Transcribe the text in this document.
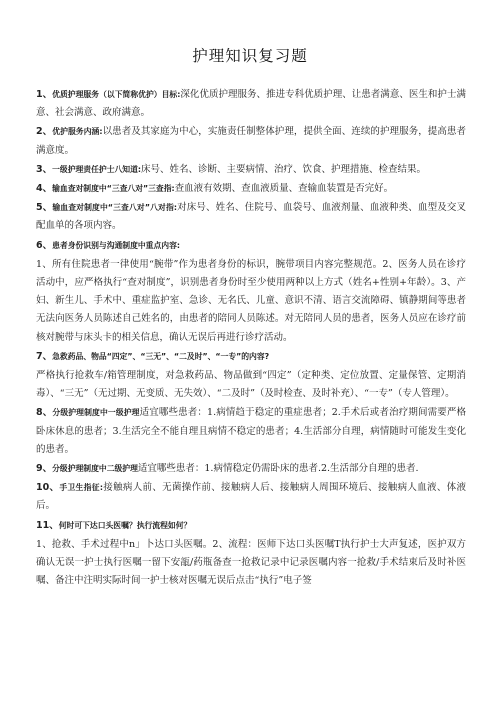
护理知识复习题
1、优质护理服务（以下简称优护）目标:深化优质护理服务、推进专科优质护理、让患者满意、医生和护士满意、社会满意、政府满意。
2、优护服务内涵:以患者及其家庭为中心，实施责任制整体护理，提供全面、连续的护理服务，提高患者满意度。
3、一级护理责任护士八知道:床号、姓名、诊断、主要病情、治疗、饮食、护理措施、检查结果。
4、输血查对制度中“三查八对”三查指:查血液有效期、查血液质量、查输血装置是否完好。
5、输血查对制度中“三查八对”八对指:对床号、姓名、住院号、血袋号、血液剂量、血液种类、血型及交叉配血单的各项内容。
6、患者身份识别与沟通制度中重点内容:
1、所有住院患者一律使用“腕带”作为患者身份的标识，腕带项目内容完整规范。2、医务人员在诊疗活动中，应严格执行“查对制度”，识别患者身份时至少使用两种以上方式（姓名+性别+年龄）。3、产妇、新生儿、手术中、重症监护室、急诊、无名氏、儿童、意识不清、语言交流障碍、镇静期间等患者无法向医务人员陈述自己姓名的，由患者的陪同人员陈述。对无陪同人员的患者，医务人员应在诊疗前核对腕带与床头卡的相关信息，确认无误后再进行诊疗活动。
7、急救药品、物品“四定”、“三无”、“二及时”、“一专”的内容?
严格执行抢救车/箱管理制度，对急救药品、物品做到“四定”（定种类、定位放置、定量保管、定期消毒）、“三无”（无过期、无变质、无失效）、“二及时”（及时检查、及时补充）、“一专”（专人管理）。
8、分级护理制度中一级护理适宜哪些患者：1.病情趋于稳定的重症患者；2.手术后或者治疗期间需要严格卧床休息的患者；3.生活完全不能自理且病情不稳定的患者；4.生活部分自理，病情随时可能发生变化的患者。
9、分级护理制度中二级护理适宜哪些患者：1.病情稳定仍需卧床的患者.2.生活部分自理的患者.
10、手卫生指征:接触病人前、无菌操作前、接触病人后、接触病人周围环境后、接触病人血液、体液后。
11、何时可下达口头医嘱？执行流程如何？
1、抢救、手术过程中n」卜达口头医嘱。2、流程：医师下达口头医嘱T执行护士大声复述，医护双方确认无误一护士执行医嘱一留下安瓿/药瓶备查一抢救记录中记录医嘱内容一抢救/手术结束后及时补医嘱、备注中注明实际时间一护士核对医嘱无误后点击“执行”电子签
